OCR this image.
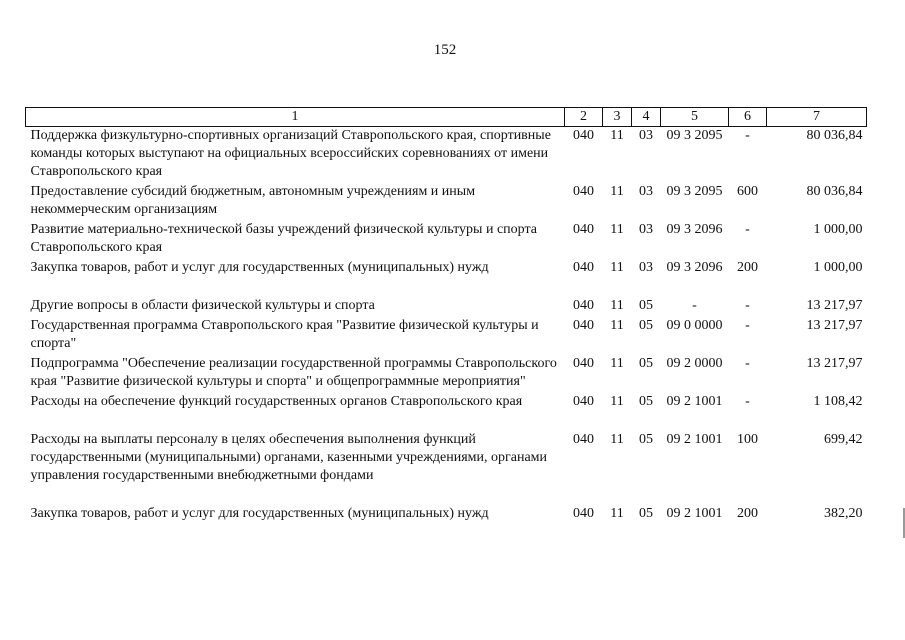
152
1	2	3	4	5	6	7
Поддержка физкультурно-спортивных организаций Ставропольского края, спортивные команды которых выступают на официальных всероссийских соревнованиях от имени Ставропольского края	040	11	03	09 3 2095	-	80 036,84
Предоставление субсидий бюджетным, автономным учреждениям и иным некоммерческим организациям	040	11	03	09 3 2095	600	80 036,84
Развитие материально-технической базы учреждений физической культуры и спорта Ставропольского края	040	11	03	09 3 2096	-	1 000,00
Закупка товаров, работ и услуг для государственных (муниципальных) нужд	040	11	03	09 3 2096	200	1 000,00
Другие вопросы в области физической культуры и спорта	040	11	05	-	-	13 217,97
Государственная программа Ставропольского края "Развитие физической культуры и спорта"	040	11	05	09 0 0000	-	13 217,97
Подпрограмма "Обеспечение реализации государственной программы Ставропольского края "Развитие физической культуры и спорта" и общепрограммные мероприятия"	040	11	05	09 2 0000	-	13 217,97
Расходы на обеспечение функций государственных органов Ставропольского края	040	11	05	09 2 1001	-	1 108,42
Расходы на выплаты персоналу в целях обеспечения выполнения функций государственными (муниципальными) органами, казенными учреждениями, органами управления государственными внебюджетными фондами	040	11	05	09 2 1001	100	699,42
Закупка товаров, работ и услуг для государственных (муниципальных) нужд	040	11	05	09 2 1001	200	382,20
